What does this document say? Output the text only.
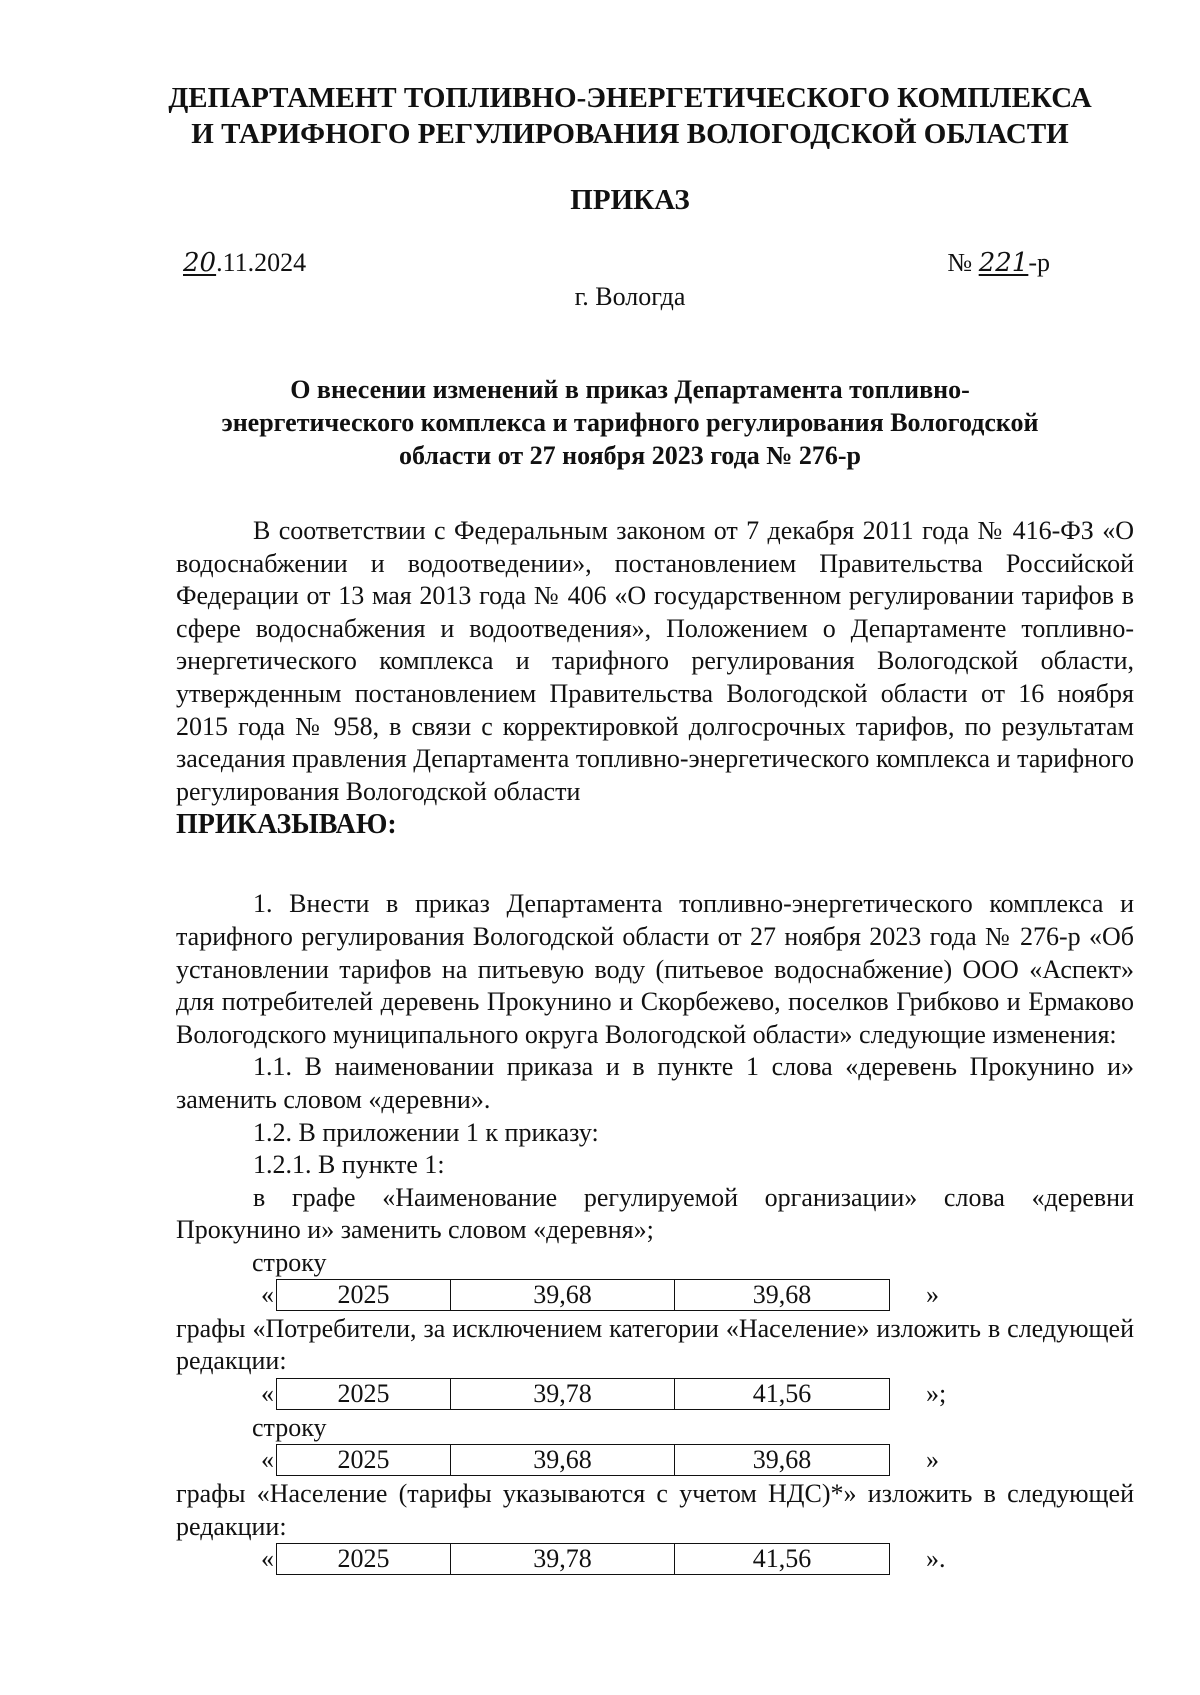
ДЕПАРТАМЕНТ ТОПЛИВНО-ЭНЕРГЕТИЧЕСКОГО КОМПЛЕКСА
И ТАРИФНОГО РЕГУЛИРОВАНИЯ ВОЛОГОДСКОЙ ОБЛАСТИ
ПРИКАЗ
20.11.2024	№ 221-р
г. Вологда
О внесении изменений в приказ Департамента топливно-
энергетического комплекса и тарифного регулирования Вологодской
области от 27 ноября 2023 года № 276-р

В соответствии с Федеральным законом от 7 декабря 2011 года № 416-ФЗ «О водоснабжении и водоотведении», постановлением Правительства Российской Федерации от 13 мая 2013 года № 406 «О государственном регулировании тарифов в сфере водоснабжения и водоотведения», Положением о Департаменте топливно-энергетического комплекса и тарифного регулирования Вологодской области, утвержденным постановлением Правительства Вологодской области от 16 ноября 2015 года № 958, в связи с корректировкой долгосрочных тарифов, по результатам заседания правления Департамента топливно-энергетического комплекса и тарифного регулирования Вологодской области

ПРИКАЗЫВАЮ:

1. Внести в приказ Департамента топливно-энергетического комплекса и тарифного регулирования Вологодской области от 27 ноября 2023 года № 276-р «Об установлении тарифов на питьевую воду (питьевое водоснабжение) ООО «Аспект» для потребителей деревень Прокунино и Скорбежево, поселков Грибково и Ермаково Вологодского муниципального округа Вологодской области» следующие изменения:

1.1. В наименовании приказа и в пункте 1 слова «деревень Прокунино и» заменить словом «деревни».

1.2. В приложении 1 к приказу:

1.2.1. В пункте 1:

в графе «Наименование регулируемой организации» слова «деревни Прокунино и» заменить словом «деревня»;

строку
«	2025	39,68	39,68	»

графы «Потребители, за исключением категории «Население» изложить в следующей редакции:

«	2025	39,78	41,56	»;
строку
«	2025	39,68	39,68	»

графы «Население (тарифы указываются с учетом НДС)*» изложить в следующей редакции:

«	2025	39,78	41,56	».
